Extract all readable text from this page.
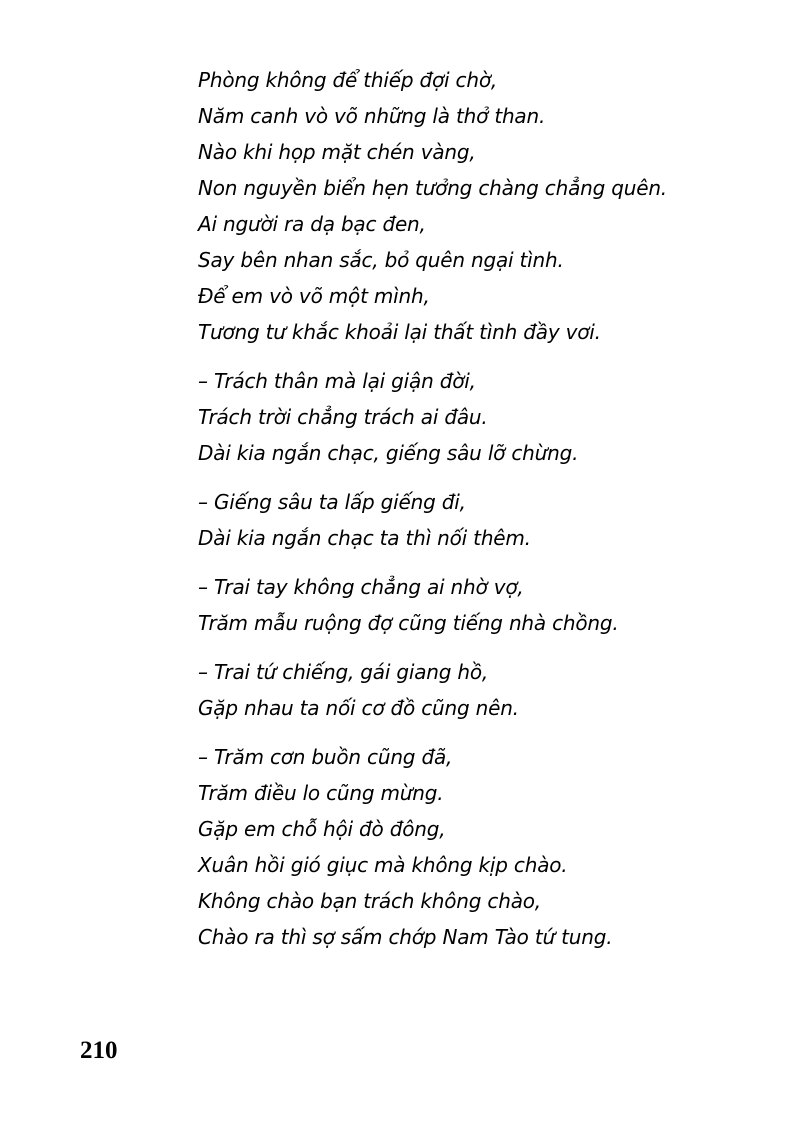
Phòng không để thiếp đợi chờ,
Năm canh vò võ những là thở than.
Nào khi họp mặt chén vàng,
Non nguyền biển hẹn tưởng chàng chẳng quên.
Ai người ra dạ bạc đen,
Say bên nhan sắc, bỏ quên ngại tình.
Để em vò võ một mình,
Tương tư khắc khoải lại thất tình đầy vơi.
– Trách thân mà lại giận đời,
Trách trời chẳng trách ai đâu.
Dài kia ngắn chạc, giếng sâu lỡ chừng.
– Giếng sâu ta lấp giếng đi,
Dài kia ngắn chạc ta thì nối thêm.
– Trai tay không chẳng ai nhờ vợ,
Trăm mẫu ruộng đợ cũng tiếng nhà chồng.
– Trai tứ chiếng, gái giang hồ,
Gặp nhau ta nối cơ đồ cũng nên.
– Trăm cơn buồn cũng đã,
Trăm điều lo cũng mừng.
Gặp em chỗ hội đò đông,
Xuân hồi gió giục mà không kịp chào.
Không chào bạn trách không chào,
Chào ra thì sợ sấm chớp Nam Tào tứ tung.
210
